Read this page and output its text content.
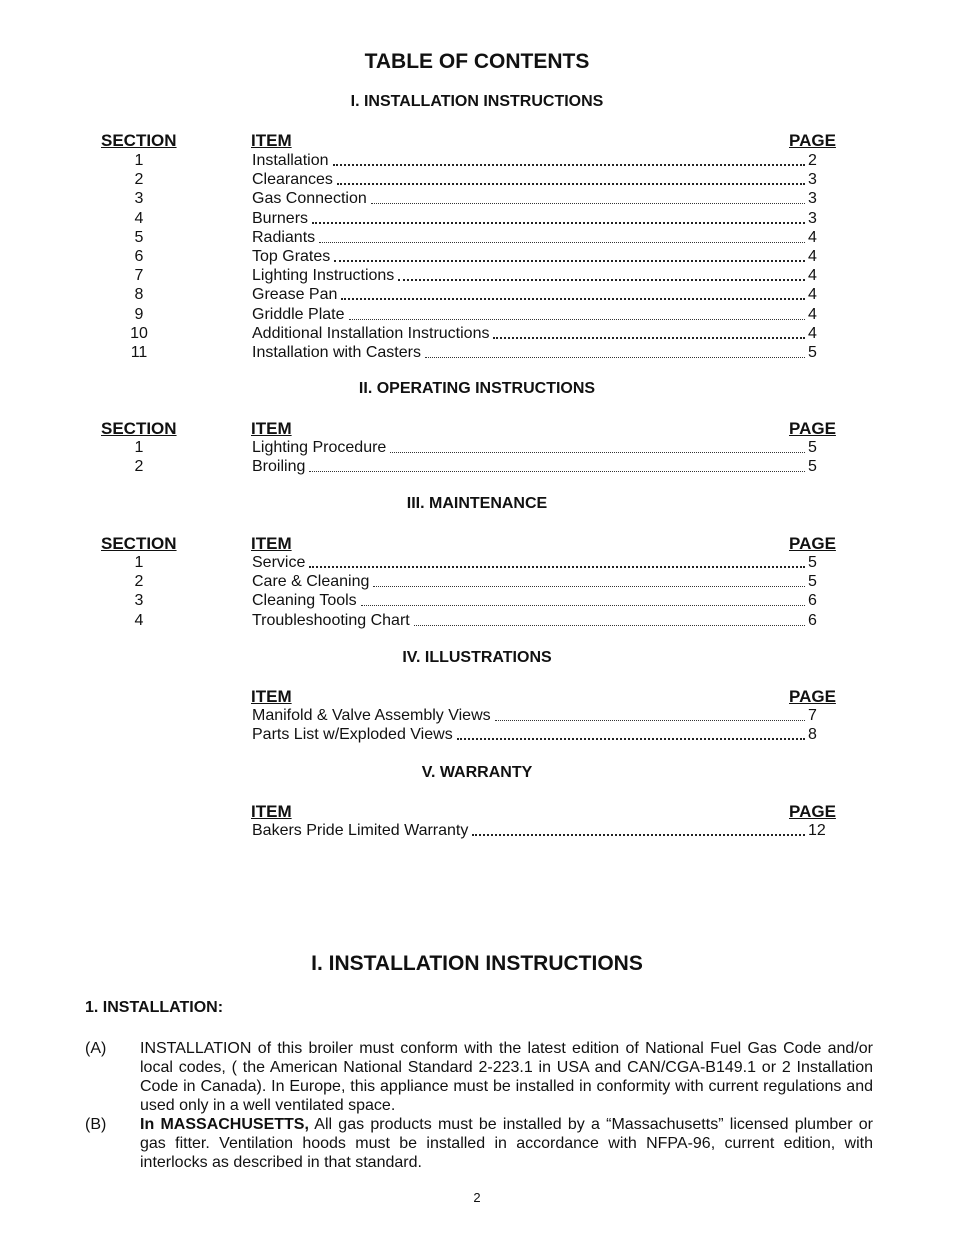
TABLE OF CONTENTS
I. INSTALLATION INSTRUCTIONS
SECTION	ITEM	PAGE
1	Installation	2
2	Clearances	3
3	Gas Connection	3
4	Burners	3
5	Radiants	4
6	Top Grates	4
7	Lighting Instructions	4
8	Grease Pan	4
9	Griddle Plate	4
10	Additional Installation Instructions	4
11	Installation with Casters	5
II. OPERATING INSTRUCTIONS
SECTION	ITEM	PAGE
1	Lighting Procedure	5
2	Broiling	5
III. MAINTENANCE
SECTION	ITEM	PAGE
1	Service	5
2	Care & Cleaning	5
3	Cleaning Tools	6
4	Troubleshooting Chart	6
IV. ILLUSTRATIONS
ITEM	PAGE
Manifold & Valve Assembly Views	7
Parts List w/Exploded Views	8
V. WARRANTY
ITEM	PAGE
Bakers Pride Limited Warranty	12
I. INSTALLATION INSTRUCTIONS
1. INSTALLATION:
(A) INSTALLATION of this broiler must conform with the latest edition of National Fuel Gas Code and/or local codes, ( the American National Standard 2-223.1 in USA and CAN/CGA-B149.1 or 2 Installation Code in Canada). In Europe, this appliance must be installed in conformity with current regulations and used only in a well ventilated space.
(B) In MASSACHUSETTS, All gas products must be installed by a “Massachusetts” licensed plumber or gas fitter. Ventilation hoods must be installed in accordance with NFPA-96, current edition, with interlocks as described in that standard.
2
